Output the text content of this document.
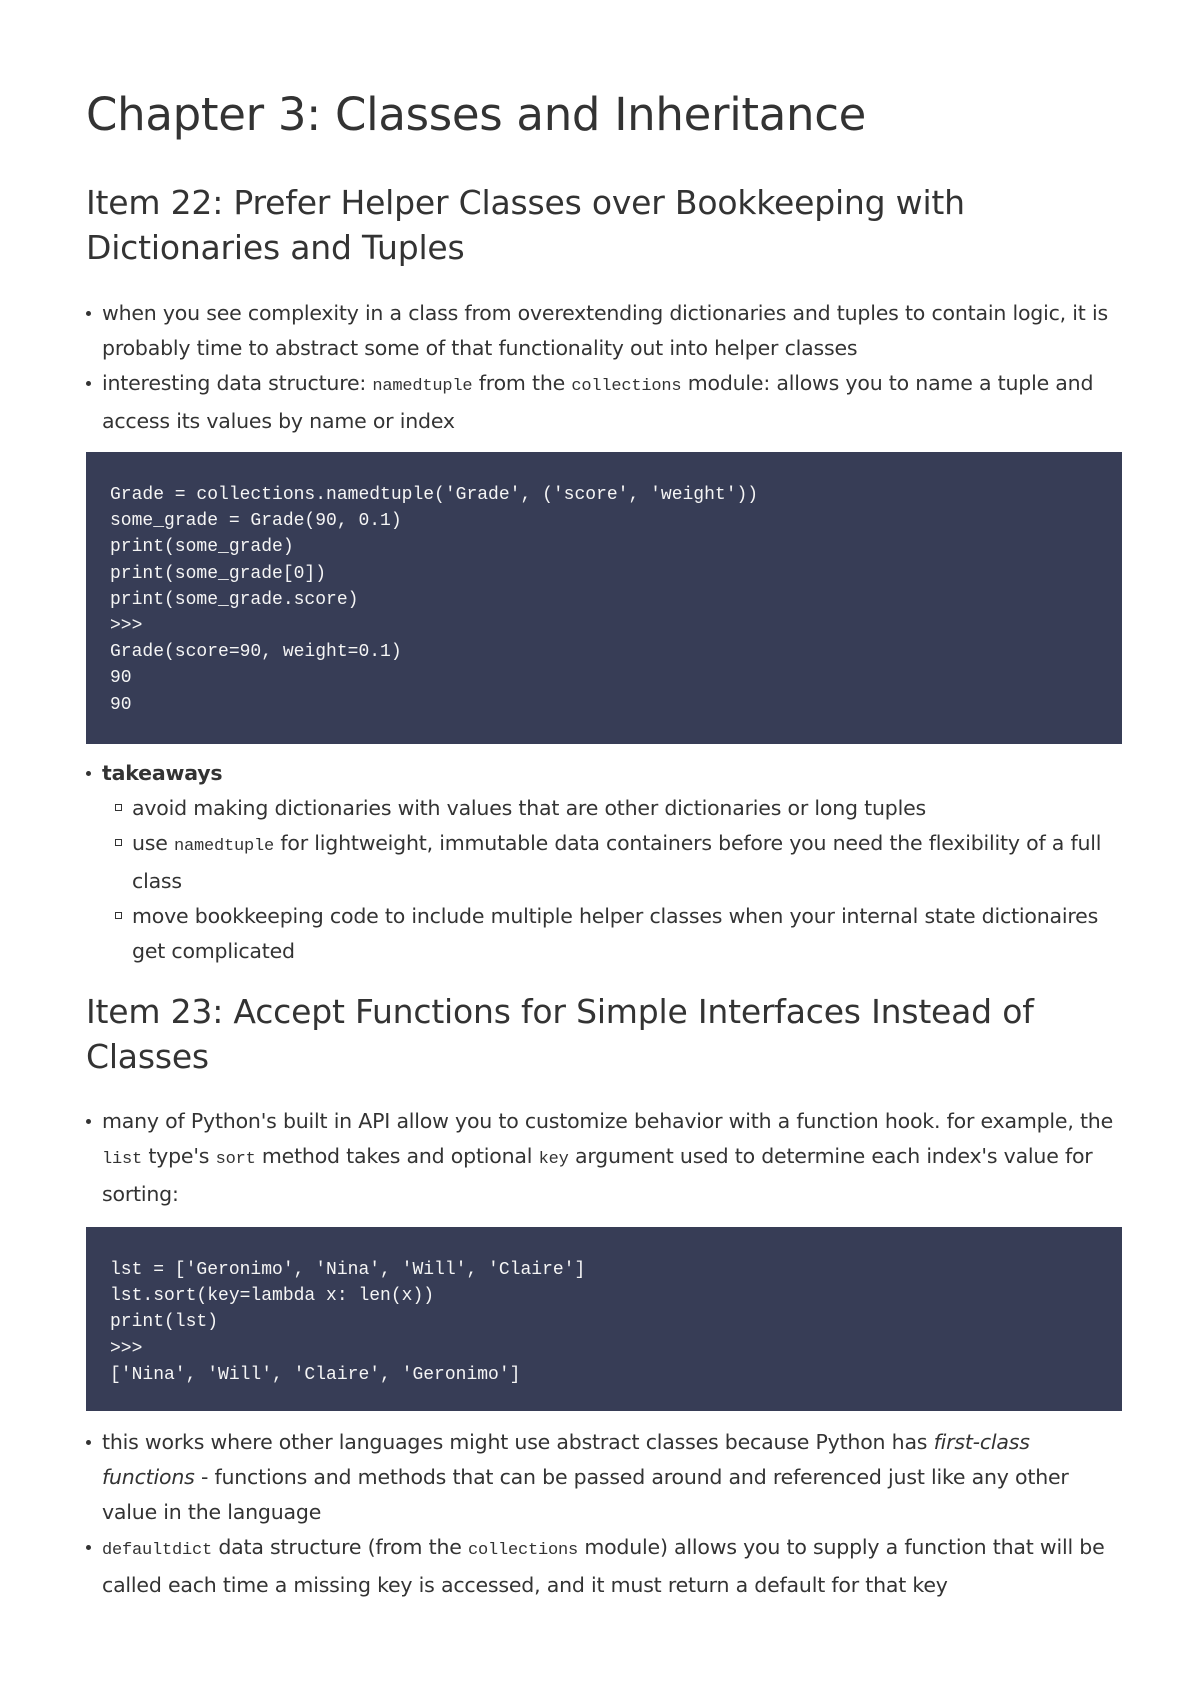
Chapter 3: Classes and Inheritance
Item 22: Prefer Helper Classes over Bookkeeping with
Dictionaries and Tuples
when you see complexity in a class from overextending dictionaries and tuples to contain logic, it is probably time to abstract some of that functionality out into helper classes
interesting data structure: namedtuple from the collections module: allows you to name a tuple and access its values by name or index
Grade = collections.namedtuple('Grade', ('score', 'weight'))
some_grade = Grade(90, 0.1)
print(some_grade)
print(some_grade[0])
print(some_grade.score)
>>>
Grade(score=90, weight=0.1)
90
90
takeaways
avoid making dictionaries with values that are other dictionaries or long tuples
use namedtuple for lightweight, immutable data containers before you need the flexibility of a full class
move bookkeeping code to include multiple helper classes when your internal state dictionaires get complicated
Item 23: Accept Functions for Simple Interfaces Instead of
Classes
many of Python's built in API allow you to customize behavior with a function hook. for example, the list type's sort method takes and optional key argument used to determine each index's value for sorting:
lst = ['Geronimo', 'Nina', 'Will', 'Claire']
lst.sort(key=lambda x: len(x))
print(lst)
>>>
['Nina', 'Will', 'Claire', 'Geronimo']
this works where other languages might use abstract classes because Python has first-class functions - functions and methods that can be passed around and referenced just like any other value in the language
defaultdict data structure (from the collections module) allows you to supply a function that will be called each time a missing key is accessed, and it must return a default for that key
